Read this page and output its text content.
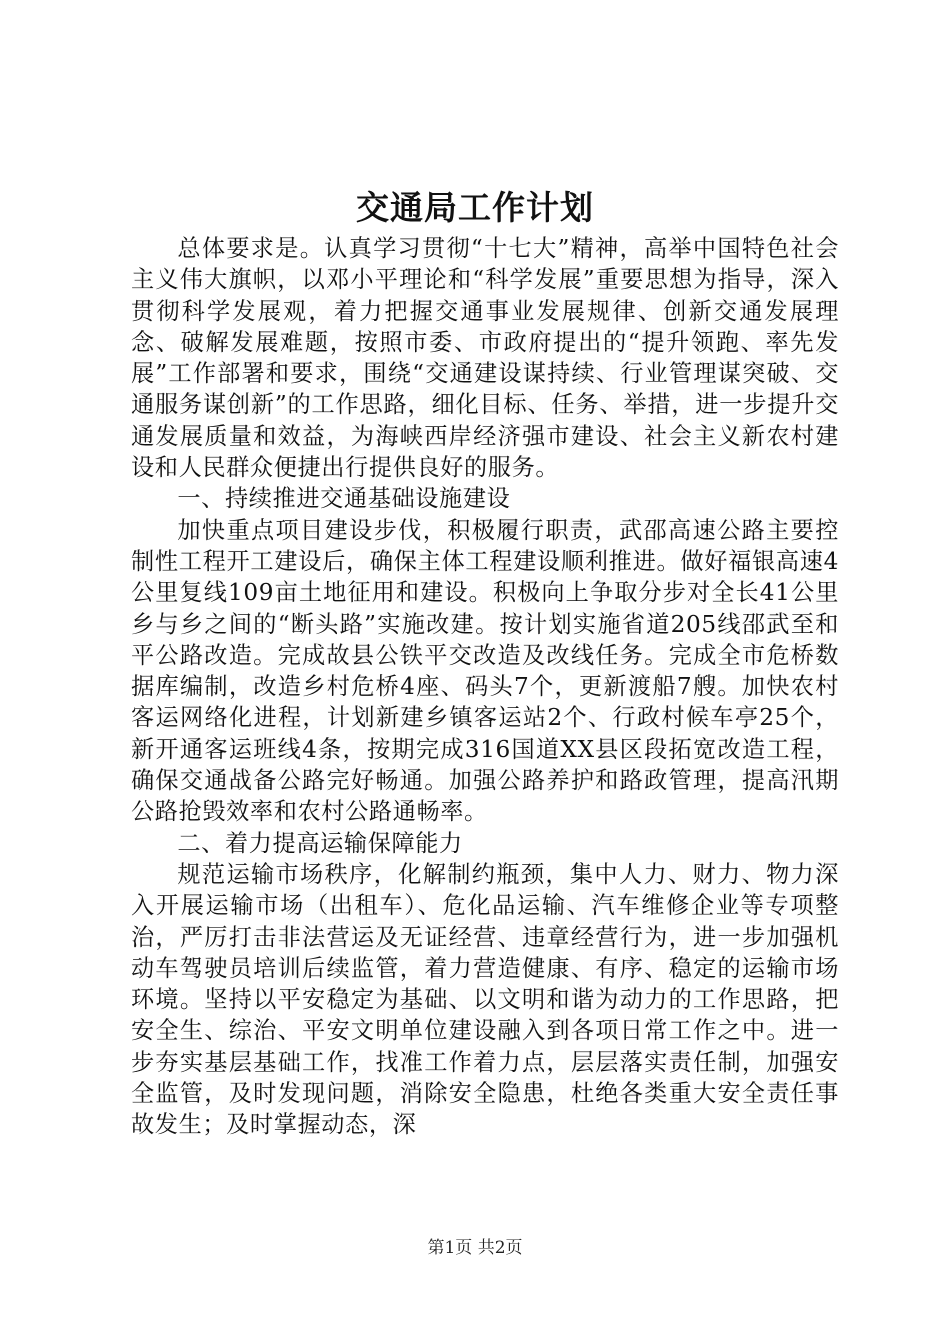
交通局工作计划

总体要求是。认真学习贯彻“十七大”精神，高举中国特色社会主义伟大旗帜，以邓小平理论和“科学发展”重要思想为指导，深入贯彻科学发展观，着力把握交通事业发展规律、创新交通发展理念、破解发展难题，按照市委、市政府提出的“提升领跑、率先发展”工作部署和要求，围绕“交通建设谋持续、行业管理谋突破、交通服务谋创新”的工作思路，细化目标、任务、举措，进一步提升交通发展质量和效益，为海峡西岸经济强市建设、社会主义新农村建设和人民群众便捷出行提供良好的服务。

一、持续推进交通基础设施建设

加快重点项目建设步伐，积极履行职责，武邵高速公路主要控制性工程开工建设后，确保主体工程建设顺利推进。做好福银高速4公里复线109亩土地征用和建设。积极向上争取分步对全长41公里乡与乡之间的“断头路”实施改建。按计划实施省道205线邵武至和平公路改造。完成故县公铁平交改造及改线任务。完成全市危桥数据库编制，改造乡村危桥4座、码头7个，更新渡船7艘。加快农村客运网络化进程，计划新建乡镇客运站2个、行政村候车亭25个，新开通客运班线4条，按期完成316国道XX县区段拓宽改造工程，确保交通战备公路完好畅通。加强公路养护和路政管理，提高汛期公路抢毁效率和农村公路通畅率。

二、着力提高运输保障能力

规范运输市场秩序，化解制约瓶颈，集中人力、财力、物力深入开展运输市场（出租车）、危化品运输、汽车维修企业等专项整治，严厉打击非法营运及无证经营、违章经营行为，进一步加强机动车驾驶员培训后续监管，着力营造健康、有序、稳定的运输市场环境。坚持以平安稳定为基础、以文明和谐为动力的工作思路，把安全生、综治、平安文明单位建设融入到各项日常工作之中。进一步夯实基层基础工作，找准工作着力点，层层落实责任制，加强安全监管，及时发现问题，消除安全隐患，杜绝各类重大安全责任事故发生；及时掌握动态，深

第1页 共2页
